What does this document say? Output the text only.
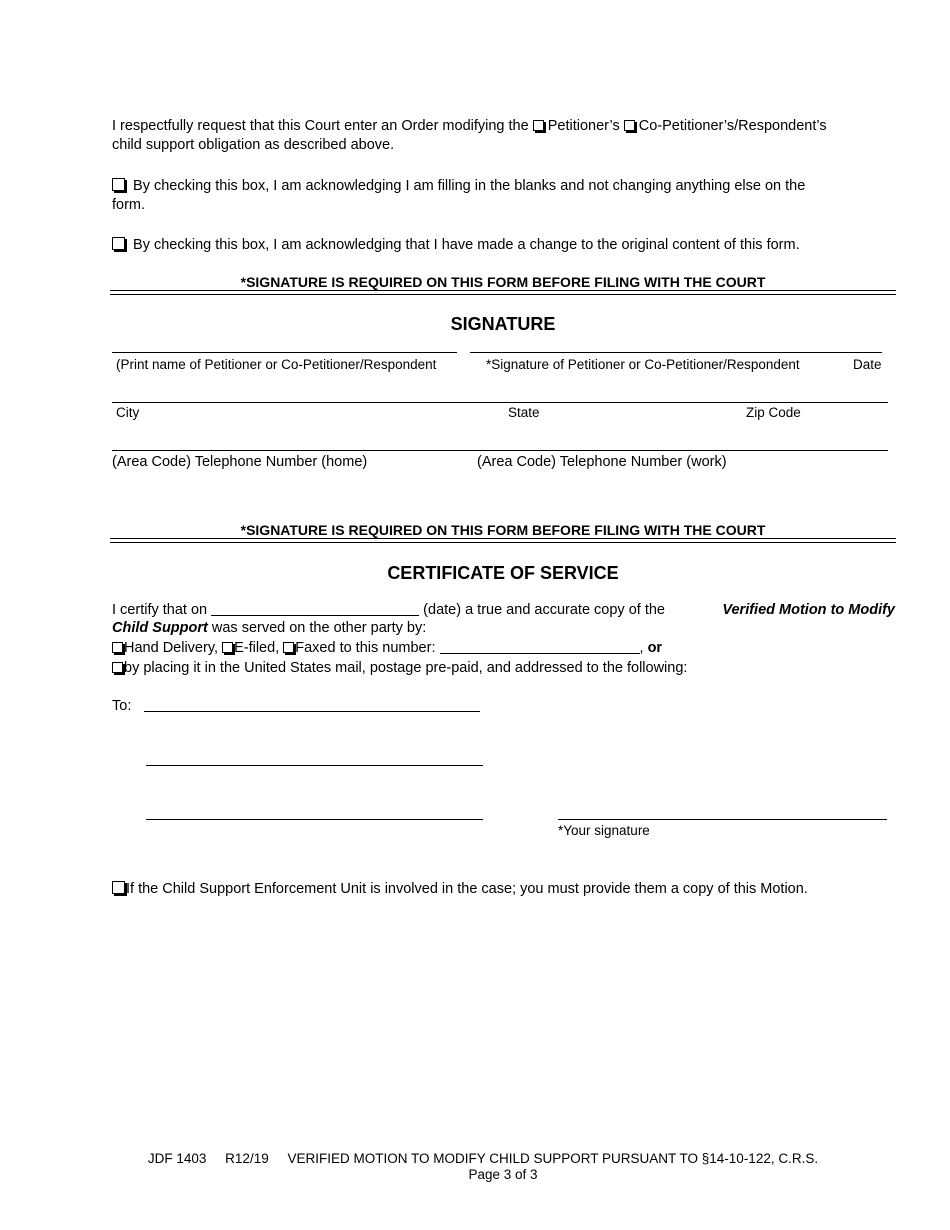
I respectfully request that this Court enter an Order modifying the Petitioner’s Co-Petitioner’s/Respondent’s
child support obligation as described above.
By checking this box, I am acknowledging I am filling in the blanks and not changing anything else on the
form.
By checking this box, I am acknowledging that I have made a change to the original content of this form.
*SIGNATURE IS REQUIRED ON THIS FORM BEFORE FILING WITH THE COURT
SIGNATURE
(Print name of Petitioner or Co-Petitioner/Respondent	*Signature of Petitioner or Co-Petitioner/Respondent	Date
City	State	Zip Code
(Area Code) Telephone Number (home)	(Area Code) Telephone Number (work)
*SIGNATURE IS REQUIRED ON THIS FORM BEFORE FILING WITH THE COURT
CERTIFICATE OF SERVICE
I certify that on	(date) a true and accurate copy of the	Verified Motion to Modify
Child Support was served on the other party by:
Hand Delivery, E-filed, Faxed to this number:	, or
by placing it in the United States mail, postage pre-paid, and addressed to the following:
To:
*Your signature
If the Child Support Enforcement Unit is involved in the case; you must provide them a copy of this Motion.
JDF 1403     R12/19     VERIFIED MOTION TO MODIFY CHILD SUPPORT PURSUANT TO §14-10-122, C.R.S.
Page 3 of 3
